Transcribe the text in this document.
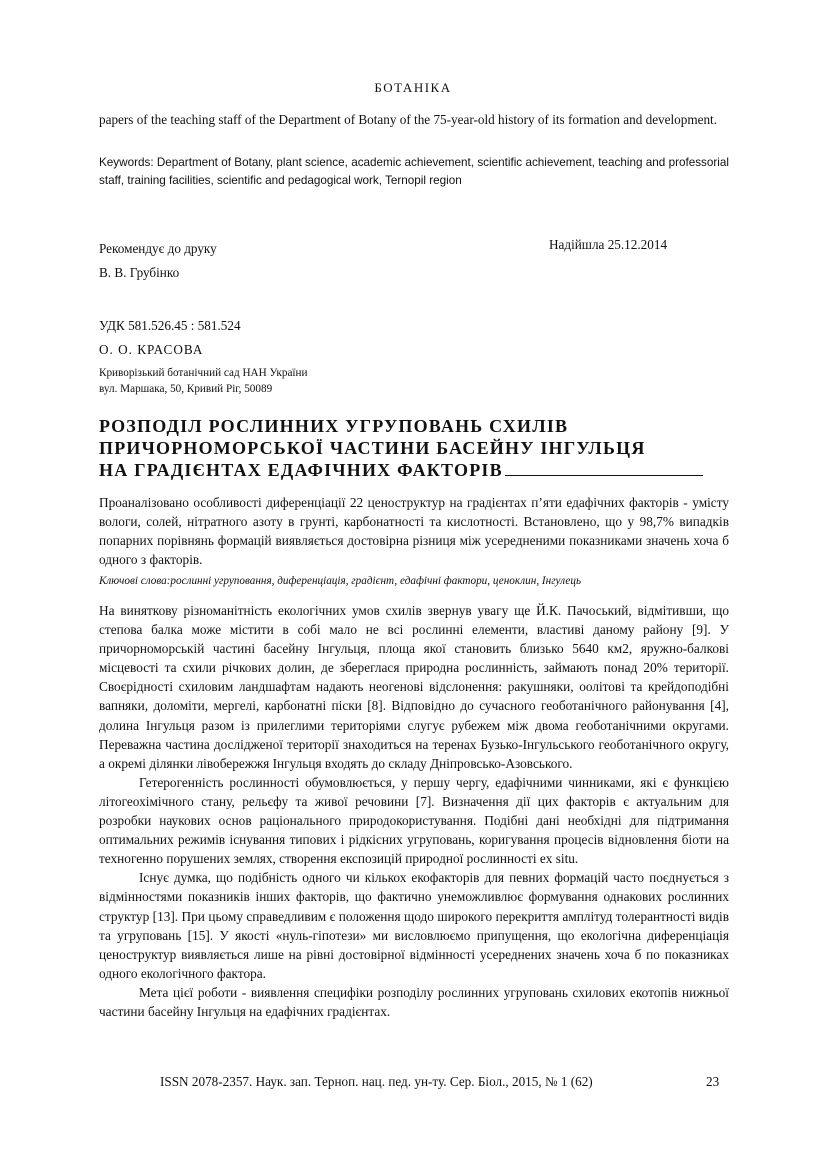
БОТАНІКА
papers of the teaching staff of the Department of Botany of the 75-year-old history of its formation and development.
Keywords: Department of Botany, plant science, academic achievement, scientific achievement, teaching and professorial staff, training facilities, scientific and pedagogical work, Ternopil region
Рекомендує до друку
В. В. Грубінко
Надійшла 25.12.2014
УДК 581.526.45 : 581.524
О. О. КРАСОВА
Криворізький ботанічний сад НАН України
вул. Маршака, 50, Кривий Ріг, 50089
РОЗПОДІЛ РОСЛИННИХ УГРУПОВАНЬ СХИЛІВ
ПРИЧОРНОМОРСЬКОЇ ЧАСТИНИ БАСЕЙНУ ІНГУЛЬЦЯ
НА ГРАДІЄНТАХ ЕДАФІЧНИХ ФАКТОРІВ
Проаналізовано особливості диференціації 22 ценоструктур на градієнтах п’яти едафічних факторів - умісту вологи, солей, нітратного азоту в грунті, карбонатності та кислотності. Встановлено, що у 98,7% випадків попарних порівнянь формацій виявляється достовірна різниця між усередненими показниками значень хоча б одного з факторів.
Ключові слова:рослинні угруповання, диференціація, градієнт, едафічні фактори, ценоклин, Інгулець

На виняткову різноманітність екологічних умов схилів звернув увагу ще Й.К. Пачоський, відмітивши, що степова балка може містити в собі мало не всі рослинні елементи, властиві даному району [9]. У причорноморській частині басейну Інгульця, площа якої становить близько 5640 км2, яружно-балкові місцевості та схили річкових долин, де збереглася природна рослинність, займають понад 20% території. Своєрідності схиловим ландшафтам надають неогенові відслонення: ракушняки, оолітові та крейдоподібні вапняки, доломіти, мергелі, карбонатні піски [8]. Відповідно до сучасного геоботанічного районування [4], долина Інгульця разом із прилеглими територіями слугує рубежем між двома геоботанічними округами. Переважна частина дослідженої території знаходиться на теренах Бузько-Інгульського геоботанічного округу, а окремі ділянки лівобережжя Інгульця входять до складу Дніпровсько-Азовського.

Гетерогенність рослинності обумовлюється, у першу чергу, едафічними чинниками, які є функцією літогеохімічного стану, рельєфу та живої речовини [7]. Визначення дії цих факторів є актуальним для розробки наукових основ раціонального природокористування. Подібні дані необхідні для підтримання оптимальних режимів існування типових і рідкісних угруповань, коригування процесів відновлення біоти на техногенно порушених землях, створення експозицій природної рослинності ex situ.

Існує думка, що подібність одного чи кількох екофакторів для певних формацій часто поєднується з відмінностями показників інших факторів, що фактично унеможливлює формування однакових рослинних структур [13]. При цьому справедливим є положення щодо широкого перекриття амплітуд толерантності видів та угруповань [15]. У якості «нуль-гіпотези» ми висловлюємо припущення, що екологічна диференціація ценоструктур виявляється лише на рівні достовірної відмінності усереднених значень хоча б по показниках одного екологічного фактора.

Мета цієї роботи - виявлення специфіки розподілу рослинних угруповань схилових екотопів нижньої частини басейну Інгульця на едафічних градієнтах.

ISSN 2078-2357. Наук. зап. Терноп. нац. пед. ун-ту. Сер. Біол., 2015, № 1 (62)	23
